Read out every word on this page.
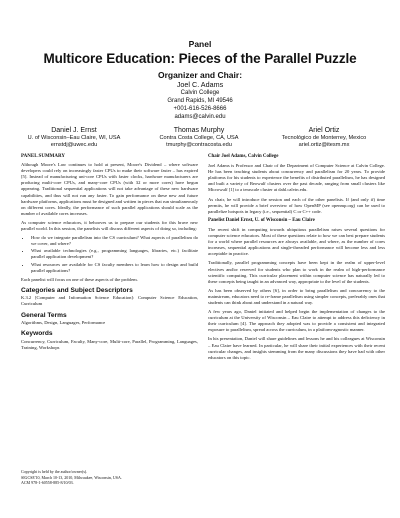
Panel
Multicore Education: Pieces of the Parallel Puzzle
Organizer and Chair:
Joel C. Adams
Calvin College
Grand Rapids, MI 49546
+001-616-526-8666
adams@calvin.edu
Daniel J. Ernst
U. of Wisconsin–Eau Claire, WI, USA
ernstdj@uwec.edu
Thomas Murphy
Contra Costa College, CA, USA
tmurphy@contracosta.edu
Ariel Ortiz
Tecnológico de Monterrey, Mexico
ariel.ortiz@itesm.mx
PANEL SUMMARY

Although Moore's Law continues to hold at present, Moore's Dividend – where software developers could rely on increasingly faster CPUs to make their software faster – has expired [5]. Instead of manufacturing uni-core CPUs with faster clocks, hardware manufacturers are producing multi-core CPUs, and many-core CPUs (with 32 or more cores) have begun appearing. Traditional sequential applications will not take advantage of these new hardware capabilities, and thus will not run any faster. To gain performance on these new and future hardware platforms, applications must be designed and written in pieces that run simultaneously on different cores. Ideally, the performance of such parallel applications should scale as the number of available cores increases.

As computer science educators, it behooves us to prepare our students for this brave new parallel world. In this session, the panelists will discuss different aspects of doing so, including:

• How do we integrate parallelism into the CS curriculum? What aspects of parallelism do we cover, and where?
• What available technologies (e.g., programming languages, libraries, etc.) facilitate parallel application development?
• What resources are available for CS faculty members to learn how to design and build parallel applications?

Each panelist will focus on one of these aspects of the problem.

Categories and Subject Descriptors

K.3.2 [Computer and Information Science Education]: Computer Science Education, Curriculum

General Terms

Algorithms, Design, Languages, Performance

Keywords

Concurrency, Curriculum, Faculty, Many-core, Multi-core, Parallel, Programming, Languages, Training, Workshops

Copyright is held by the author/owner(s).
SIGCSE'10, March 10-13, 2010, Milwaukee, Wisconsin, USA.
ACM 978-1-60558-885-8/10/03.

Chair Joel Adams, Calvin College

Joel Adams is Professor and Chair of the Department of Computer Science at Calvin College. He has been teaching students about concurrency and parallelism for 20 years. To provide platforms for his students to experience the benefits of distributed parallelism, he has designed and built a variety of Beowulf clusters over the past decade, ranging from small clusters like Microwulf [1] to a terascale cluster at dahl.calvin.edu.

As chair, he will introduce the session and each of the other panelists. If (and only if) time permits, he will provide a brief overview of how OpenMP (see openmp.org) can be used to parallelize hotspots in legacy (i.e., sequential) C or C++ code.

Panelist Daniel Ernst, U. of Wisconsin – Eau Claire

The recent shift in computing towards ubiquitous parallelism raises several questions for computer science educators. Most of these questions relate to how we can best prepare students for a world where parallel resources are always available, and where, as the number of cores increases, sequential applications and single-threaded performance will become less and less acceptable in practice.

Traditionally, parallel programming concepts have been kept in the realm of upper-level electives and/or reserved for students who plan to work in the realm of high-performance scientific computing. This curricular placement within computer science has naturally led to these concepts being taught in an advanced way, appropriate to the level of the students.

As has been observed by others [6], in order to bring parallelism and concurrency to the mainstream, educators need to re-frame parallelism using simpler concepts, preferably ones that students can think about and understand in a natural way.

A few years ago, Daniel initiated and helped begin the implementation of changes to the curriculum at the University of Wisconsin – Eau Claire to attempt to address this deficiency in their curriculum [4]. The approach they adopted was to provide a consistent and integrated exposure to parallelism, spread across the curriculum, in a platform-agnostic manner.

In his presentation, Daniel will share guidelines and lessons he and his colleagues at Wisconsin – Eau Claire have learned. In particular, he will share their initial experiences with their recent curricular changes, and insights stemming from the many discussions they have had with other educators on this topic.
